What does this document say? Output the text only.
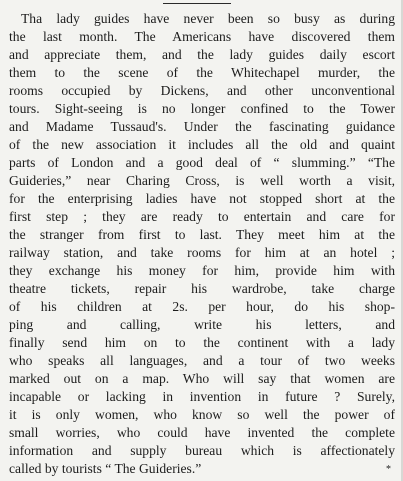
Tha lady guides have never been so busy as during
the last month. The Americans have discovered them
and appreciate them, and the lady guides daily escort
them to the scene of the Whitechapel murder, the
rooms occupied by Dickens, and other unconventional
tours. Sight-seeing is no longer confined to the Tower
and Madame Tussaud's. Under the fascinating guidance
of the new association it includes all the old and quaint
parts of London and a good deal of “ slumming.” “The
Guideries,” near Charing Cross, is well worth a visit,
for the enterprising ladies have not stopped short at the
first step ; they are ready to entertain and care for
the stranger from first to last. They meet him at the
railway station, and take rooms for him at an hotel ;
they exchange his money for him, provide him with
theatre tickets, repair his wardrobe, take charge
of his children at 2s. per hour, do his shop-
ping and calling, write his letters, and
finally send him on to the continent with a lady
who speaks all languages, and a tour of two weeks
marked out on a map. Who will say that women are
incapable or lacking in invention in future ? Surely,
it is only women, who know so well the power of
small worries, who could have invented the complete
information and supply bureau which is affectionately
called by tourists “ The Guideries.”	*
